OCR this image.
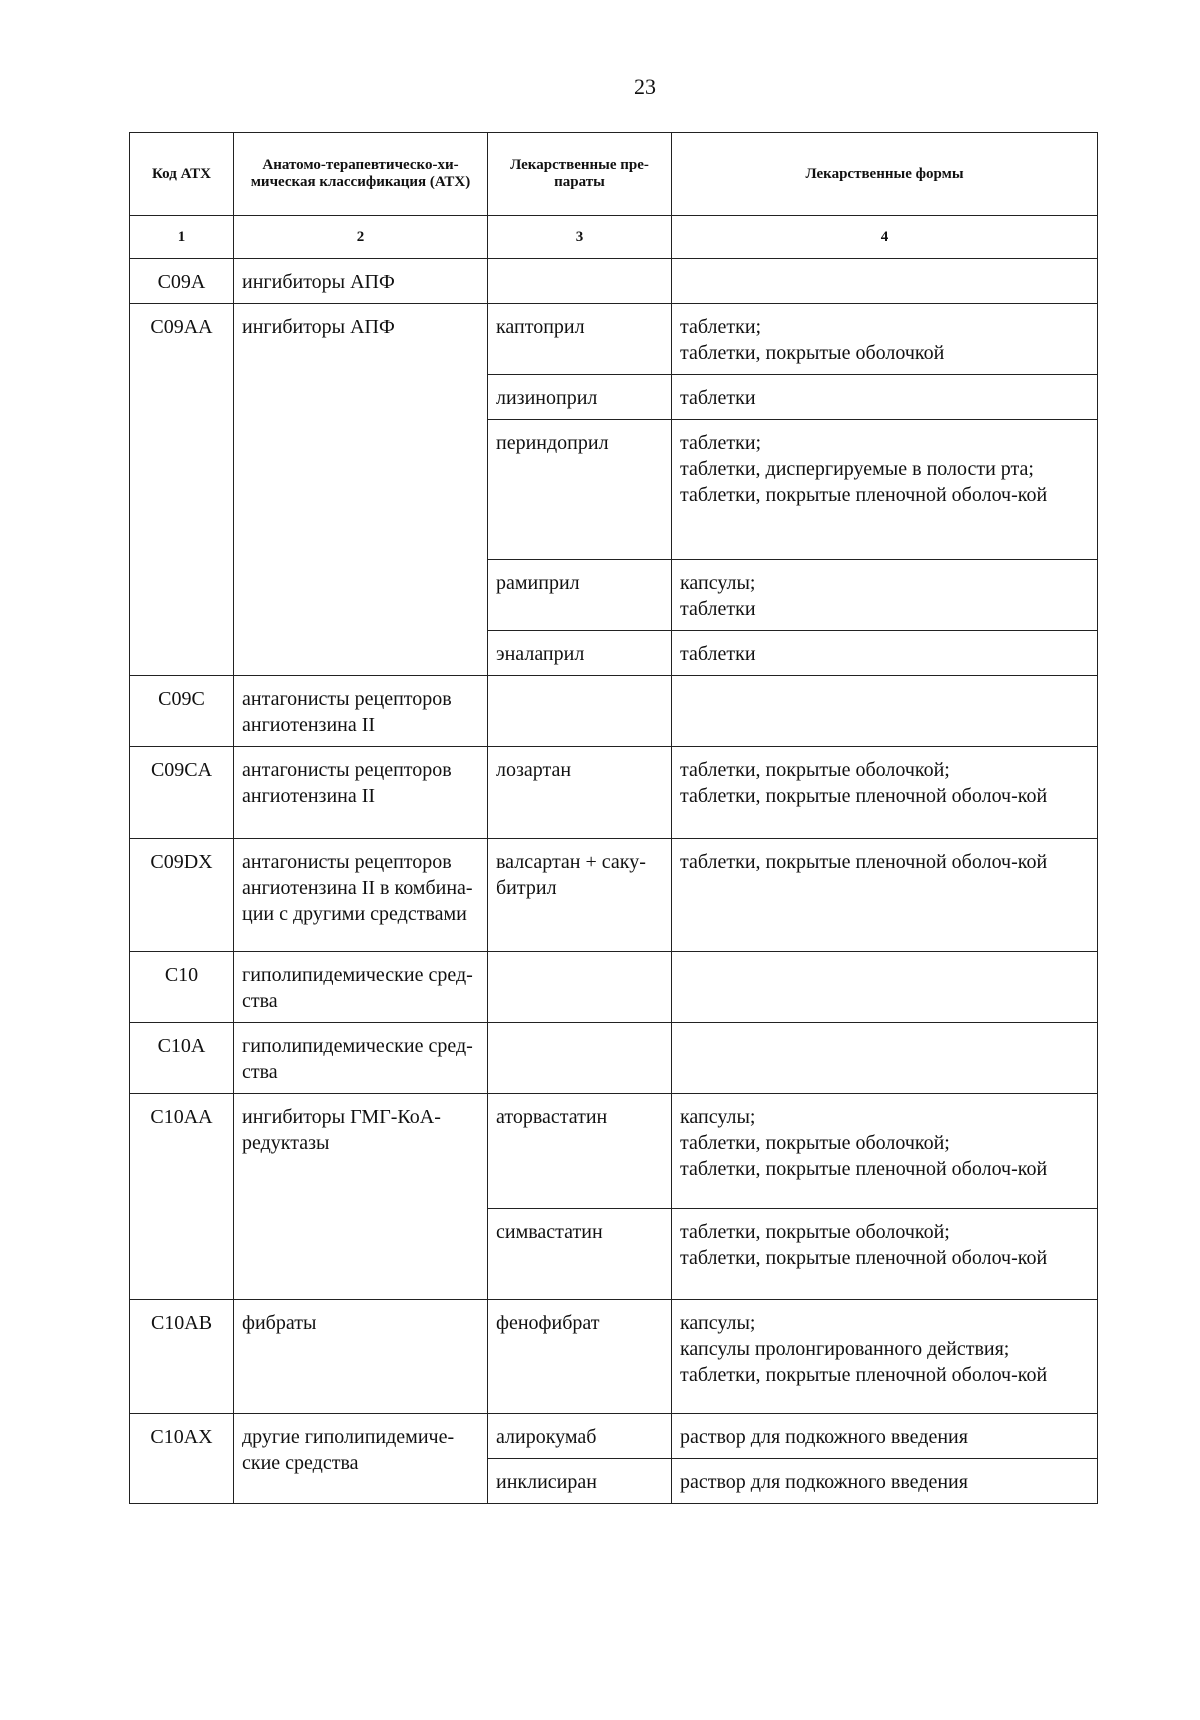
23
Код АТХ	Анатомо-терапевтическо-хи-мическая классификация (АТХ)	Лекарственные пре-параты	Лекарственные формы
1	2	3	4
C09A	ингибиторы АПФ		
C09AA	ингибиторы АПФ	каптоприл	таблетки;
таблетки, покрытые оболочкой

		лизиноприл	таблетки

		периндоприл	таблетки;
таблетки, диспергируемые в полости рта;
таблетки, покрытые пленочной оболоч-кой

		рамиприл	капсулы;
таблетки

		эналаприл	таблетки

C09C	антагонисты рецепторов ангиотензина II		
C09CA	антагонисты рецепторов ангиотензина II	лозартан	таблетки, покрытые оболочкой;
таблетки, покрытые пленочной оболоч-кой

C09DX	антагонисты рецепторов ангиотензина II в комбина-ции с другими средствами	валсартан + саку-битрил	таблетки, покрытые пленочной оболоч-кой

C10	гиполипидемические сред-ства		
C10A	гиполипидемические сред-ства		
C10AA	ингибиторы ГМГ-КоА-редуктазы	аторвастатин	капсулы;
таблетки, покрытые оболочкой;
таблетки, покрытые пленочной оболоч-кой

		симвастатин	таблетки, покрытые оболочкой;
таблетки, покрытые пленочной оболоч-кой

C10AB	фибраты	фенофибрат	капсулы;
капсулы пролонгированного действия;
таблетки, покрытые пленочной оболоч-кой

C10AX	другие гиполипидемиче-ские средства	алирокумаб	раствор для подкожного введения

		инклисиран	раствор для подкожного введения
